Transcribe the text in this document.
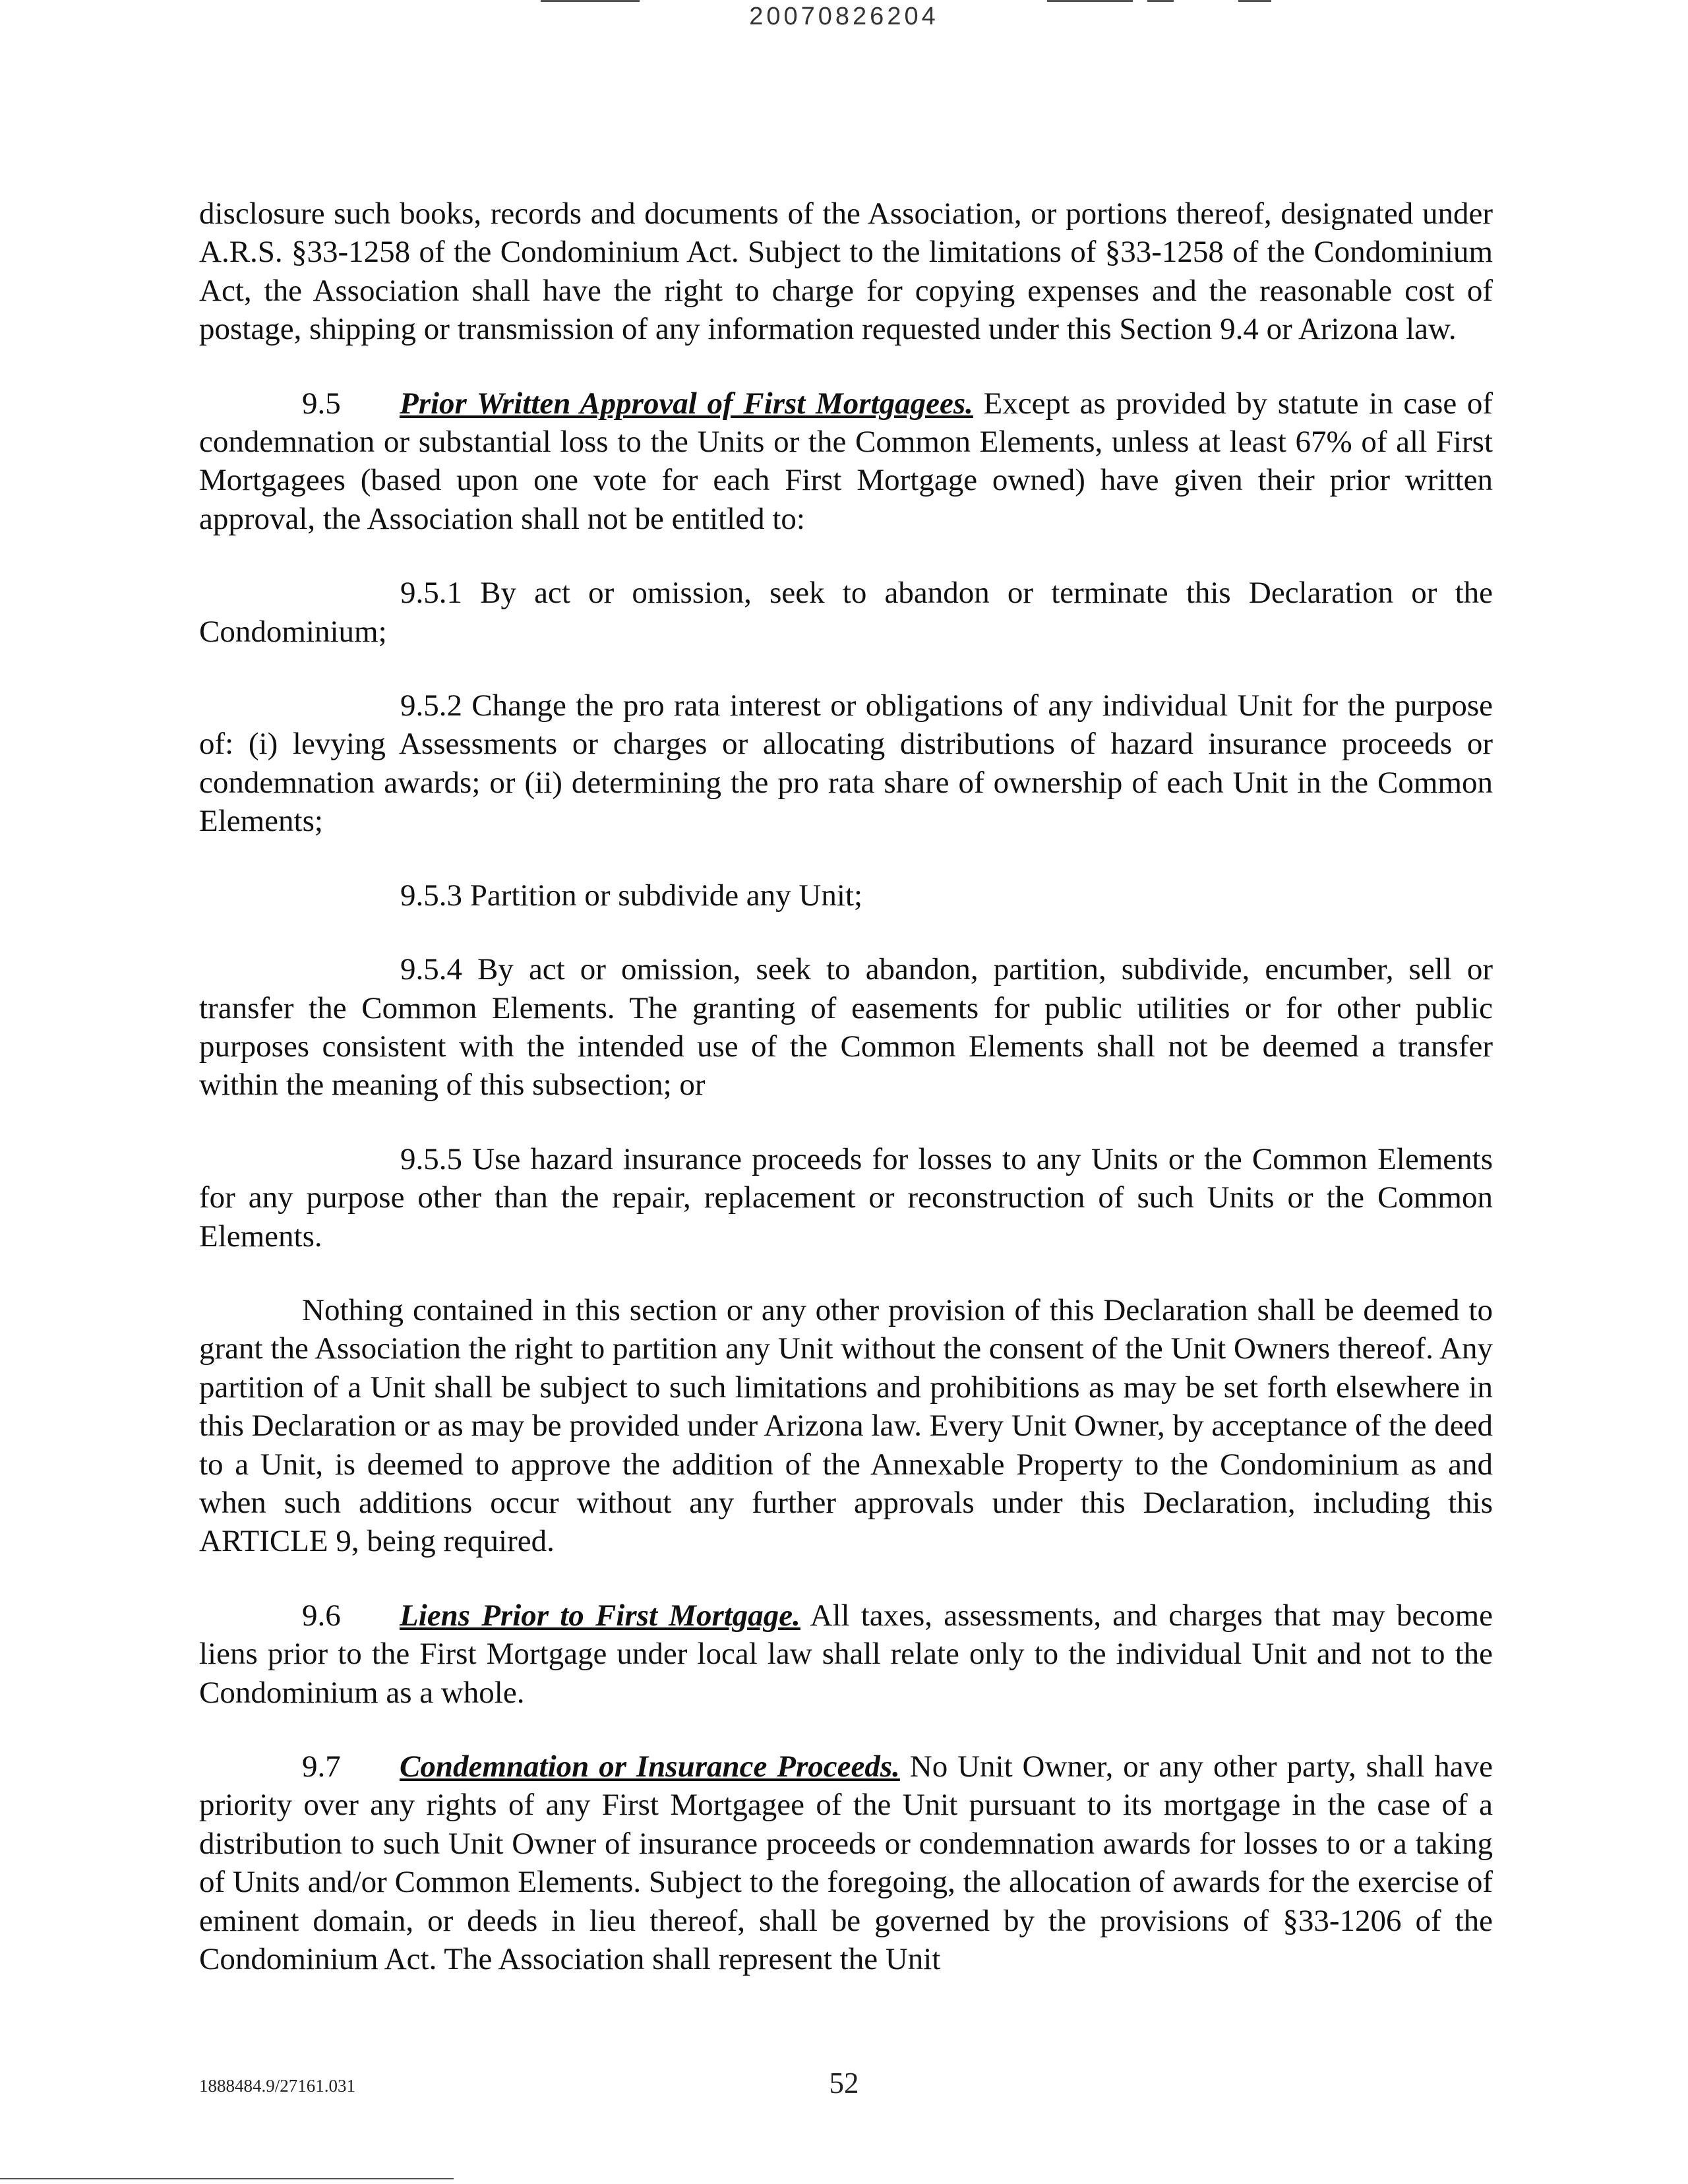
20070826204

disclosure such books, records and documents of the Association, or portions thereof, designated under A.R.S. §33-1258 of the Condominium Act. Subject to the limitations of §33-1258 of the Condominium Act, the Association shall have the right to charge for copying expenses and the reasonable cost of postage, shipping or transmission of any information requested under this Section 9.4 or Arizona law.

9.5 Prior Written Approval of First Mortgagees. Except as provided by statute in case of condemnation or substantial loss to the Units or the Common Elements, unless at least 67% of all First Mortgagees (based upon one vote for each First Mortgage owned) have given their prior written approval, the Association shall not be entitled to:

9.5.1 By act or omission, seek to abandon or terminate this Declaration or the Condominium;

9.5.2 Change the pro rata interest or obligations of any individual Unit for the purpose of: (i) levying Assessments or charges or allocating distributions of hazard insurance proceeds or condemnation awards; or (ii) determining the pro rata share of ownership of each Unit in the Common Elements;

9.5.3 Partition or subdivide any Unit;

9.5.4 By act or omission, seek to abandon, partition, subdivide, encumber, sell or transfer the Common Elements. The granting of easements for public utilities or for other public purposes consistent with the intended use of the Common Elements shall not be deemed a transfer within the meaning of this subsection; or

9.5.5 Use hazard insurance proceeds for losses to any Units or the Common Elements for any purpose other than the repair, replacement or reconstruction of such Units or the Common Elements.

Nothing contained in this section or any other provision of this Declaration shall be deemed to grant the Association the right to partition any Unit without the consent of the Unit Owners thereof. Any partition of a Unit shall be subject to such limitations and prohibitions as may be set forth elsewhere in this Declaration or as may be provided under Arizona law. Every Unit Owner, by acceptance of the deed to a Unit, is deemed to approve the addition of the Annexable Property to the Condominium as and when such additions occur without any further approvals under this Declaration, including this ARTICLE 9, being required.

9.6 Liens Prior to First Mortgage. All taxes, assessments, and charges that may become liens prior to the First Mortgage under local law shall relate only to the individual Unit and not to the Condominium as a whole.

9.7 Condemnation or Insurance Proceeds. No Unit Owner, or any other party, shall have priority over any rights of any First Mortgagee of the Unit pursuant to its mortgage in the case of a distribution to such Unit Owner of insurance proceeds or condemnation awards for losses to or a taking of Units and/or Common Elements. Subject to the foregoing, the allocation of awards for the exercise of eminent domain, or deeds in lieu thereof, shall be governed by the provisions of §33-1206 of the Condominium Act. The Association shall represent the Unit

1888484.9/27161.031	52
